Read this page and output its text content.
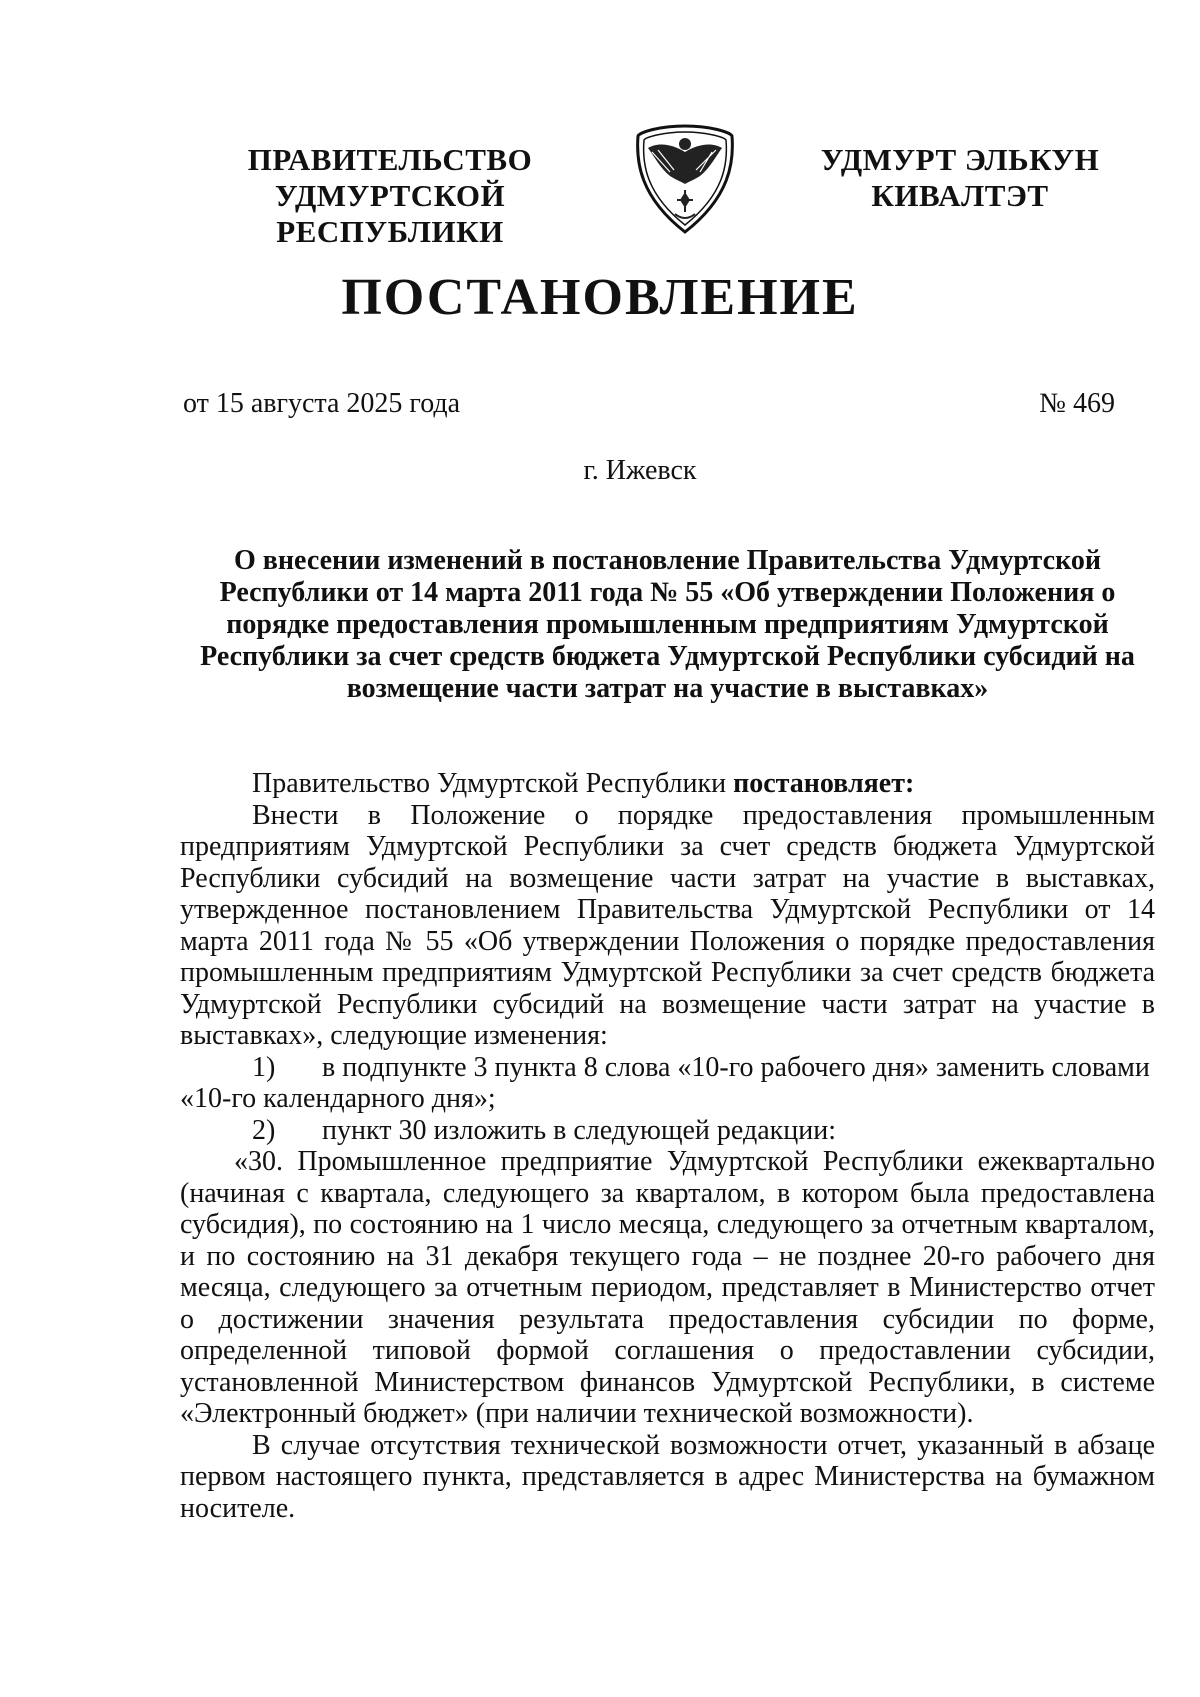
ПРАВИТЕЛЬСТВО
УДМУРТСКОЙ РЕСПУБЛИКИ
УДМУРТ ЭЛЬКУН
КИВАЛТЭТ
ПОСТАНОВЛЕНИЕ
от 15 августа 2025 года	№ 469
г. Ижевск
О внесении изменений в постановление Правительства Удмуртской Республики от 14 марта 2011 года № 55 «Об утверждении Положения о порядке предоставления промышленным предприятиям Удмуртской Республики за счет средств бюджета Удмуртской Республики субсидий на возмещение части затрат на участие в выставках»

Правительство Удмуртской Республики постановляет:

Внести в Положение о порядке предоставления промышленным предприятиям Удмуртской Республики за счет средств бюджета Удмуртской Республики субсидий на возмещение части затрат на участие в выставках, утвержденное постановлением Правительства Удмуртской Республики от 14 марта 2011 года № 55 «Об утверждении Положения о порядке предоставления промышленным предприятиям Удмуртской Республики за счет средств бюджета Удмуртской Республики субсидий на возмещение части затрат на участие в выставках», следующие изменения:

1) в подпункте 3 пункта 8 слова «10-го рабочего дня» заменить словами

«10-го календарного дня»;

2) пункт 30 изложить в следующей редакции:

«30. Промышленное предприятие Удмуртской Республики ежеквартально (начиная с квартала, следующего за кварталом, в котором была предоставлена субсидия), по состоянию на 1 число месяца, следующего за отчетным кварталом, и по состоянию на 31 декабря текущего года – не позднее 20-го рабочего дня месяца, следующего за отчетным периодом, представляет в Министерство отчет о достижении значения результата предоставления субсидии по форме, определенной типовой формой соглашения о предоставлении субсидии, установленной Министерством финансов Удмуртской Республики, в системе «Электронный бюджет» (при наличии технической возможности).

В случае отсутствия технической возможности отчет, указанный в абзаце первом настоящего пункта, представляется в адрес Министерства на бумажном носителе.
